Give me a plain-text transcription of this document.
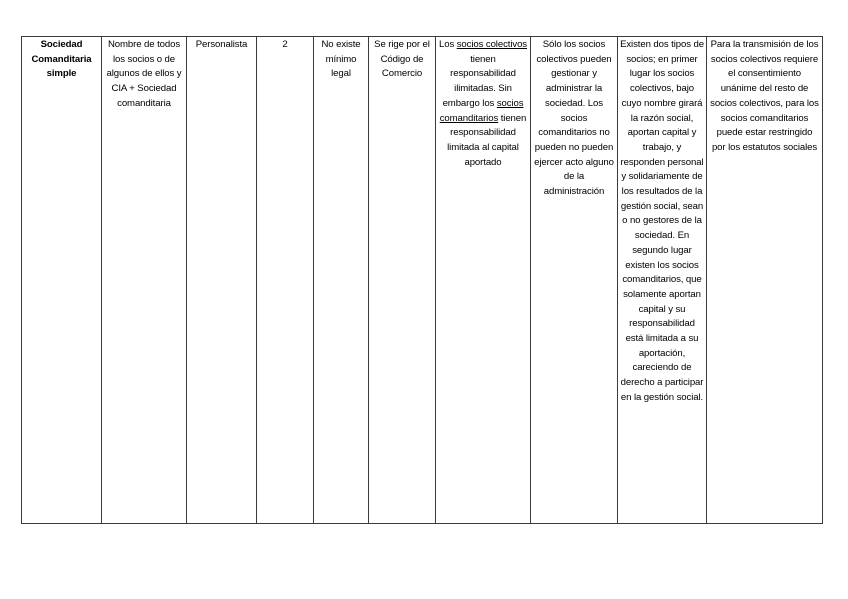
Sociedad Comanditaria simple	Nombre de todos los socios o de algunos de ellos y CIA + Sociedad comanditaria	Personalista	2	No existe mínimo legal	Se rige por el Código de Comercio	Los socios colectivos tienen responsabilidad ilimitadas. Sin embargo los socios comanditarios tienen responsabilidad limitada al capital aportado	Sólo los socios colectivos pueden gestionar y administrar la sociedad. Los socios comanditarios no pueden no pueden ejercer acto alguno de la administración	Existen dos tipos de socios; en primer lugar los socios colectivos, bajo cuyo nombre girará la razón social, aportan capital y trabajo, y responden personal y solidariamente de los resultados de la gestión social, sean o no gestores de la sociedad. En segundo lugar existen los socios comanditarios, que solamente aportan capital y su responsabilidad está limitada a su aportación, careciendo de derecho a participar en la gestión social.	Para la transmisión de los socios colectivos requiere el consentimiento unánime del resto de socios colectivos, para los socios comanditarios puede estar restringido por los estatutos sociales
